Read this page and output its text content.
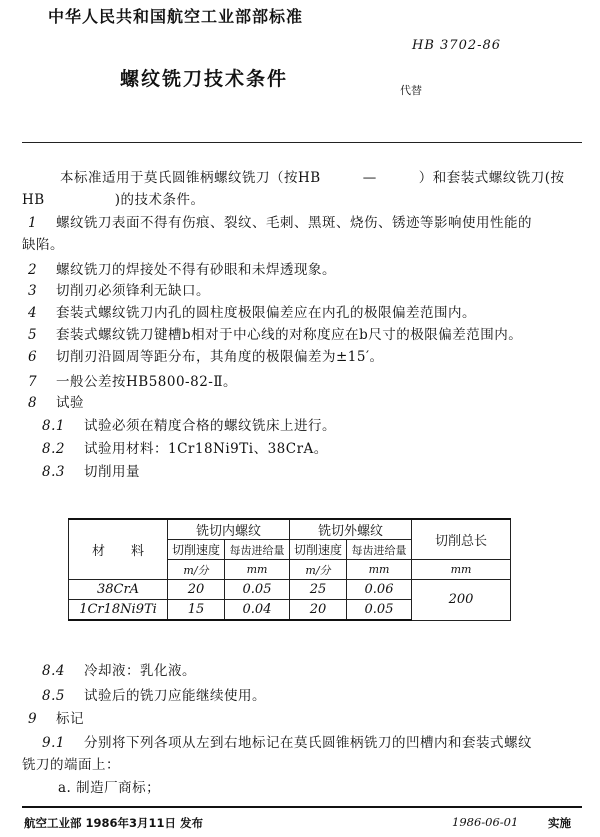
中华人民共和国航空工业部部标准
HB 3702-86
螺纹铣刀技术条件
代替
本标准适用于莫氏圆锥柄螺纹铣刀（按HB　　　—　　　）和套装式螺纹铣刀(按
HB　　　　　)的技术条件。
1 螺纹铣刀表面不得有伤痕、裂纹、毛刺、黑斑、烧伤、锈迹等影响使用性能的
缺陷。
2 螺纹铣刀的焊接处不得有砂眼和未焊透现象。
3 切削刃必须锋利无缺口。
4 套装式螺纹铣刀内孔的圆柱度极限偏差应在内孔的极限偏差范围内。
5 套装式螺纹铣刀键槽b相对于中心线的对称度应在b尺寸的极限偏差范围内。
6 切削刃沿圆周等距分布，其角度的极限偏差为±15′。
7 一般公差按HB5800-82-Ⅱ。
8 试验
8.1 试验必须在精度合格的螺纹铣床上进行。
8.2 试验用材料：1Cr18Ni9Ti、38CrA。
8.3 切削用量
材　　料	铣切内螺纹		铣切外螺纹		切削总长
	切削速度	每齿进给量	切削速度	每齿进给量	
	m/分	mm	m/分	mm	mm
38CrA	20	0.05	25	0.06	200
1Cr18Ni9Ti	15	0.04	20	0.05	
8.4 冷却液：乳化液。
8.5 试验后的铣刀应能继续使用。
9 标记
9.1 分别将下列各项从左到右地标记在莫氏圆锥柄铣刀的凹槽内和套装式螺纹
铣刀的端面上：
a. 制造厂商标；
航空工业部 1986年3月11日 发布	1986-06-01	实施
